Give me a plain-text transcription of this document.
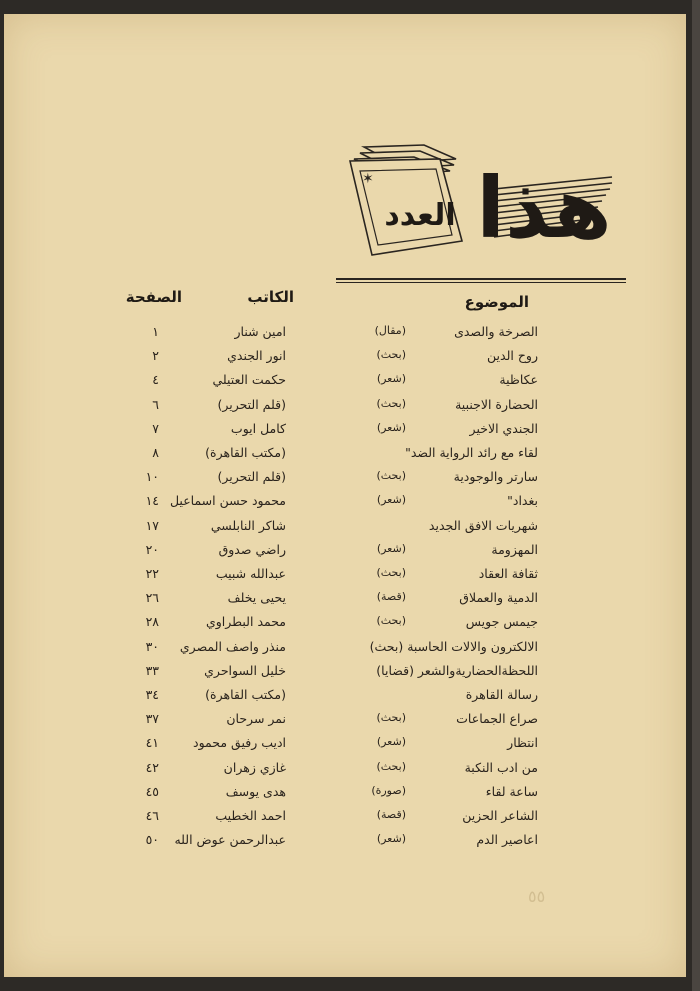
✶
العدد هذا
الموضوع
الكاتب
الصفحة
الصرخة والصدى
(مقال)
امين شنار
١
روح الدين
(بحث)
انور الجندي
٢
عكاظية
(شعر)
حكمت العتيلي
٤
الحضارة الاجنبية
(بحث)
(قلم التحرير)
٦
الجندي الاخير
(شعر)
كامل ايوب
٧
لقاء مع رائد الرواية الضد"
(مكتب القاهرة)
٨
سارتر والوجودية
(بحث)
(قلم التحرير)
١٠
بغداد"
(شعر)
محمود حسن اسماعيل
١٤
شهريات الافق الجديد
شاكر النابلسي
١٧
المهزومة
(شعر)
راضي صدوق
٢٠
ثقافة العقاد
(بحث)
عبدالله شبيب
٢٢
الدمية والعملاق
(قصة)
يحيى يخلف
٢٦
جيمس جويس
(بحث)
محمد البطراوي
٢٨
الالكترون والالات الحاسبة (بحث)
منذر واصف المصري
٣٠
اللحظةالحضاريةوالشعر (قضايا)
خليل السواحري
٣٣
رسالة القاهرة
(مكتب القاهرة)
٣٤
صراع الجماعات
(بحث)
نمر سرحان
٣٧
انتظار
(شعر)
اديب رفيق محمود
٤١
من ادب النكبة
(بحث)
غازي زهران
٤٢
ساعة لقاء
(صورة)
هدى يوسف
٤٥
الشاعر الحزين
(قصة)
احمد الخطيب
٤٦
اعاصير الدم
(شعر)
عبدالرحمن عوض الله
٥٠
٥٥
